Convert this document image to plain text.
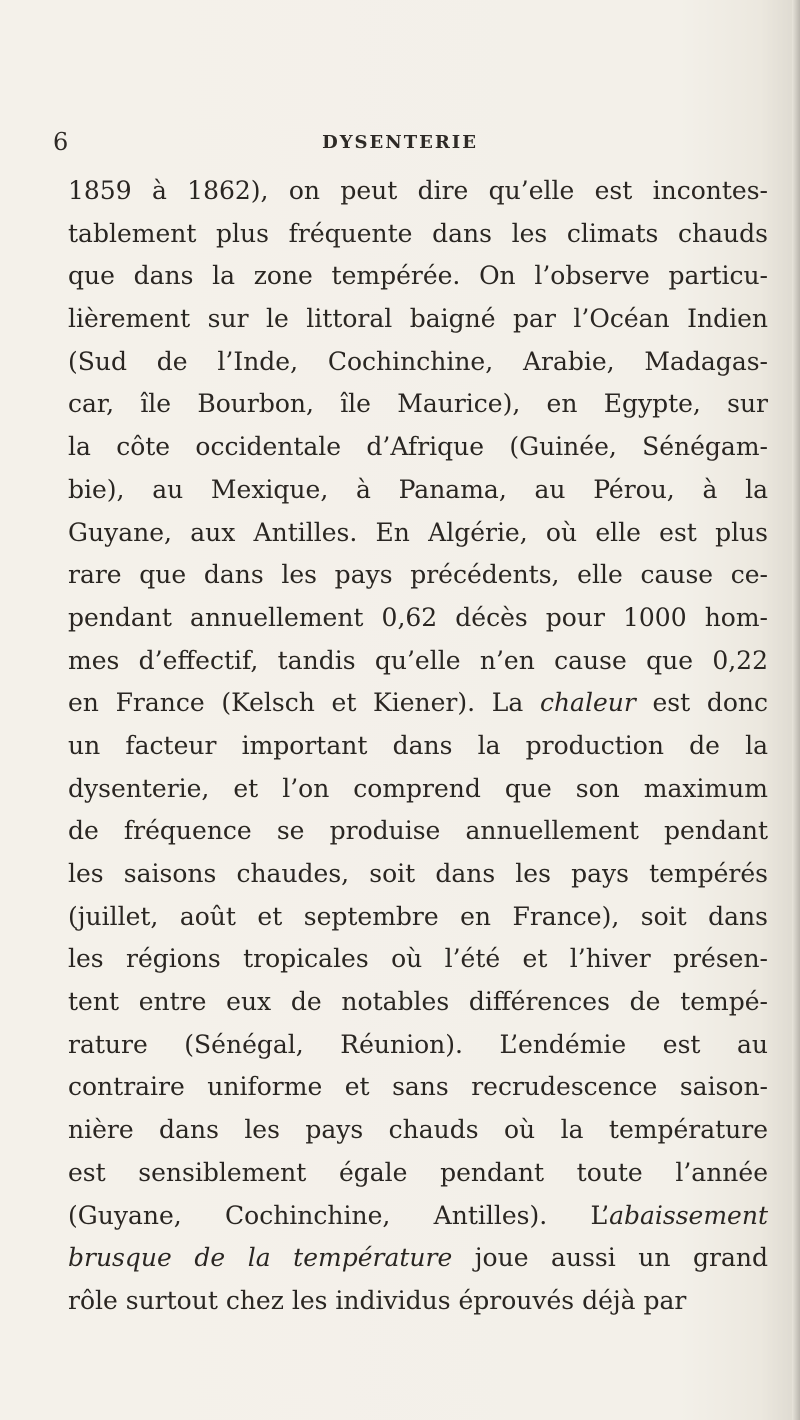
6	DYSENTERIE
1859 à 1862), on peut dire qu’elle est incontes-
tablement plus fréquente dans les climats chauds
que dans la zone tempérée. On l’observe particu-
lièrement sur le littoral baigné par l’Océan Indien
(Sud de l’Inde, Cochinchine, Arabie, Madagas-
car, île Bourbon, île Maurice), en Egypte, sur
la côte occidentale d’Afrique (Guinée, Sénégam-
bie), au Mexique, à Panama, au Pérou, à la
Guyane, aux Antilles. En Algérie, où elle est plus
rare que dans les pays précédents, elle cause ce-
pendant annuellement 0,62 décès pour 1000 hom-
mes d’effectif, tandis qu’elle n’en cause que 0,22
en France (Kelsch et Kiener). La chaleur est donc
un facteur important dans la production de la
dysenterie, et l’on comprend que son maximum
de fréquence se produise annuellement pendant
les saisons chaudes, soit dans les pays tempérés
(juillet, août et septembre en France), soit dans
les régions tropicales où l’été et l’hiver présen-
tent entre eux de notables différences de tempé-
rature (Sénégal, Réunion). L’endémie est au
contraire uniforme et sans recrudescence saison-
nière dans les pays chauds où la température
est sensiblement égale pendant toute l’année
(Guyane, Cochinchine, Antilles). L’abaissement
brusque de la température joue aussi un grand
rôle surtout chez les individus éprouvés déjà par
